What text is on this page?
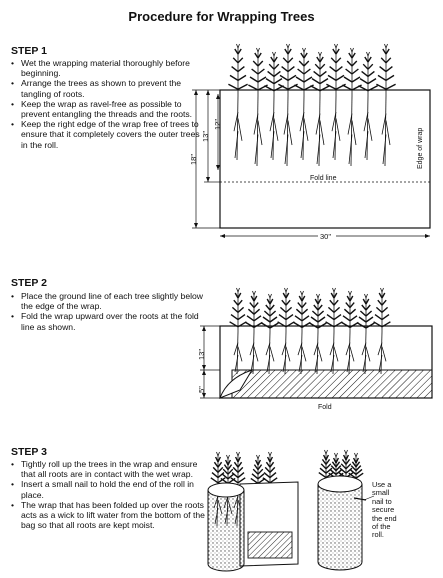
Procedure for Wrapping Trees
STEP 1
• Wet the wrapping material thoroughly before beginning.
• Arrange the trees as shown to prevent the tangling of roots.
• Keep the wrap as ravel-free as possible to prevent entangling the threads and the roots.
• Keep the right edge of the wrap free of trees to ensure that it completely covers the outer trees in the roll.
Fold line
Edge of wrap
18"
13"
12"
30"
STEP 2
• Place the ground line of each tree slightly below the edge of the wrap.
• Fold the wrap upward over the roots at the fold line as shown.
13"
5"
Fold
STEP 3
• Tightly roll up the trees in the wrap and ensure that all roots are in contact with the wet wrap.
• Insert a small nail to hold the end of the roll in place.
• The wrap that has been folded up over the roots acts as a wick to lift water from the bottom of the bag so that all roots are kept moist.
Use a
small
nail to
secure
the end
of the
roll.
